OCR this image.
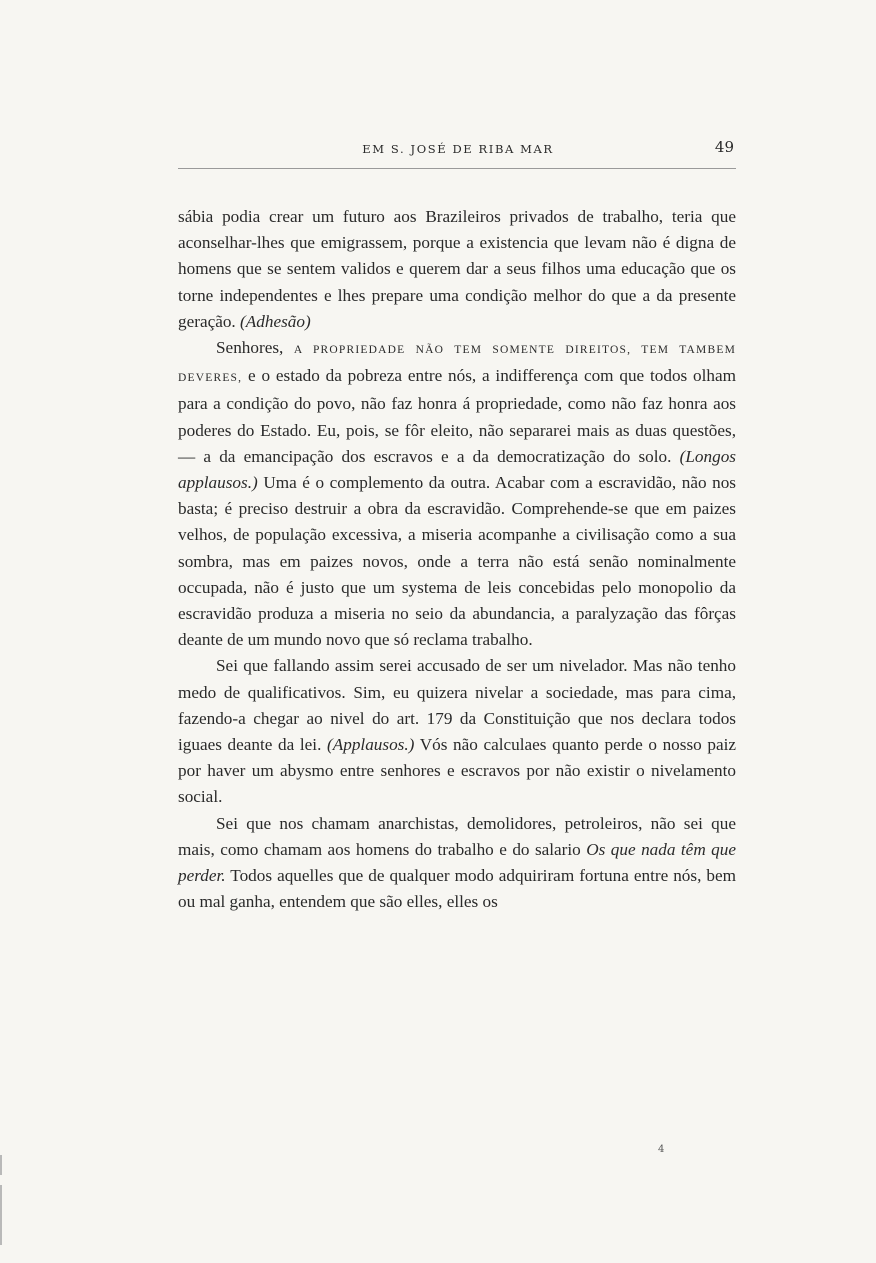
EM S. JOSÉ DE RIBA MAR	49

sábia podia crear um futuro aos Brazileiros privados de trabalho, teria que aconselhar-lhes que emigrassem, porque a existencia que levam não é digna de homens que se sentem validos e querem dar a seus filhos uma educação que os torne independentes e lhes prepare uma condição melhor do que a da presente geração. (Adhesão)

Senhores, A PROPRIEDADE NÃO TEM SOMENTE DIREITOS, TEM TAMBEM DEVERES, e o estado da pobreza entre nós, a indifferença com que todos olham para a condição do povo, não faz honra á propriedade, como não faz honra aos poderes do Estado. Eu, pois, se fôr eleito, não separarei mais as duas questões, — a da emancipação dos escravos e a da democratização do solo. (Longos applausos.) Uma é o complemento da outra. Acabar com a escravidão, não nos basta; é preciso destruir a obra da escravidão. Comprehende-se que em paizes velhos, de população excessiva, a miseria acompanhe a civilisação como a sua sombra, mas em paizes novos, onde a terra não está senão nominalmente occupada, não é justo que um systema de leis concebidas pelo monopolio da escravidão produza a miseria no seio da abundancia, a paralyzação das fôrças deante de um mundo novo que só reclama trabalho.

Sei que fallando assim serei accusado de ser um nivelador. Mas não tenho medo de qualificativos. Sim, eu quizera nivelar a sociedade, mas para cima, fazendo-a chegar ao nivel do art. 179 da Constituição que nos declara todos iguaes deante da lei. (Applausos.) Vós não calculaes quanto perde o nosso paiz por haver um abysmo entre senhores e escravos por não existir o nivelamento social.

Sei que nos chamam anarchistas, demolidores, petroleiros, não sei que mais, como chamam aos homens do trabalho e do salario Os que nada têm que perder. Todos aquelles que de qualquer modo adquiriram fortuna entre nós, bem ou mal ganha, entendem que são elles, elles os

4
